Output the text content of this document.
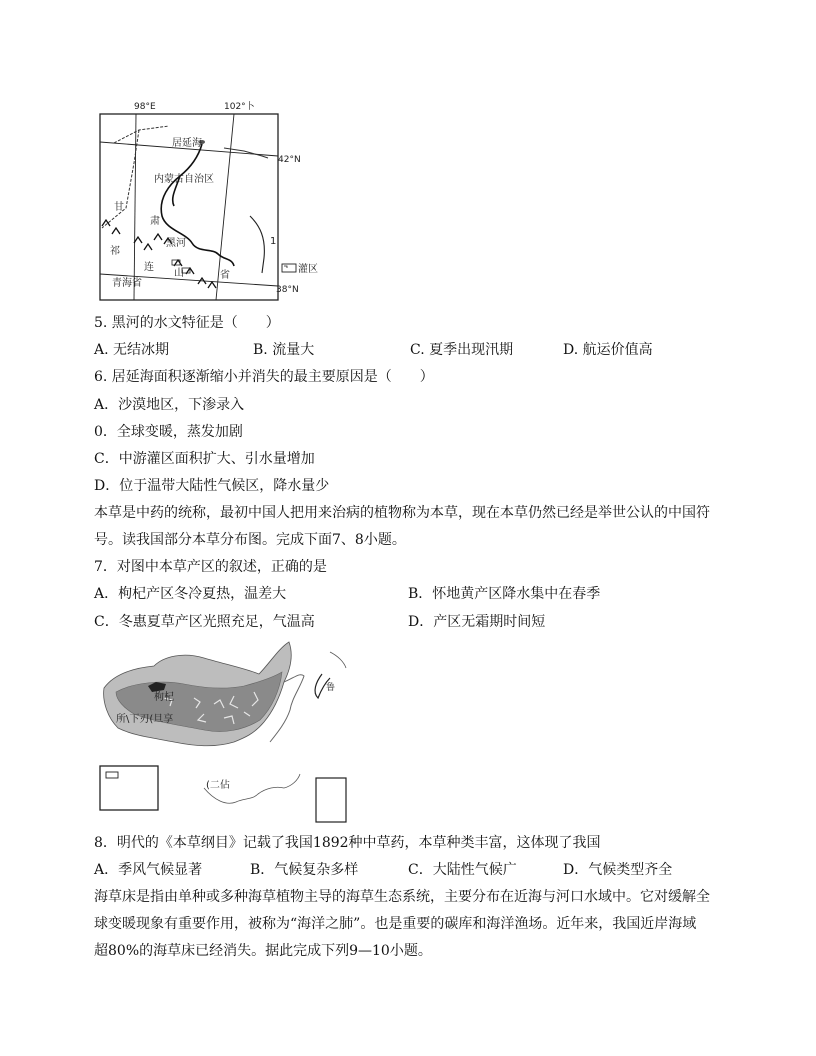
98°E	102°卜
42°N
38°N
居延海
内蒙古自治区
甘
祁
肃
黑河
连
山	省
青海省
1
灌区
5. 黑河的水文特征是（　　）
A. 无结冰期	B. 流量大	C. 夏季出现汛期	D. 航运价值高
6. 居延海面积逐渐缩小并消失的最主要原因是（　　）
A．沙漠地区，下渗录入
0．全球变暖，蒸发加剧
C．中游灌区面积扩大、引水量增加
D．位于温带大陆性气候区，降水量少
本草是中药的统称，最初中国人把用来治病的植物称为本草，现在本草仍然已经是举世公认的中国符
号。读我国部分本草分布图。完成下面7、8小题。
7．对图中本草产区的叙述，正确的是
A．枸杞产区冬冷夏热，温差大	B．怀地黄产区降水集中在春季
C．冬惠夏草产区光照充足，气温高	D．产区无霜期时间短
枸杞
所\下刃(旦享
鲁
(二佔
8．明代的《本草纲目》记载了我国1892种中草药，本草种类丰富，这体现了我国
A．季风气候显著	B．气候复杂多样	C．大陆性气候广	D．气候类型齐全
海草床是指由单种或多种海草植物主导的海草生态系统，主要分布在近海与河口水域中。它对缓解全
球变暖现象有重要作用，被称为“海洋之肺”。也是重要的碳库和海洋渔场。近年来，我国近岸海域
超80%的海草床已经消失。据此完成下列9—10小题。
